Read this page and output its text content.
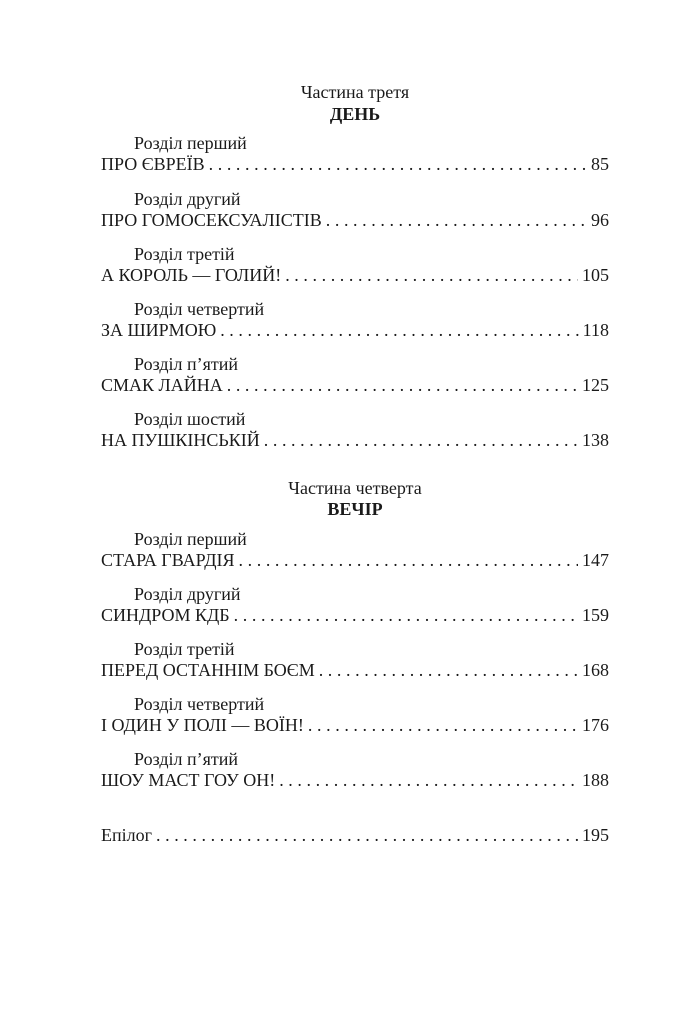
Частина третя
ДЕНЬ
Розділ перший
ПРО ЄВРЕЇВ .....	85
Розділ другий
ПРО ГОМОСЕКСУАЛІСТІВ .....	96
Розділ третій
А КОРОЛЬ — ГОЛИЙ! .....	105
Розділ четвертий
ЗА ШИРМОЮ .....	118
Розділ п’ятий
СМАК ЛАЙНА .....	125
Розділ шостий
НА ПУШКІНСЬКІЙ .....	138
Частина четверта
ВЕЧІР
Розділ перший
СТАРА ГВАРДІЯ .....	147
Розділ другий
СИНДРОМ КДБ .....	159
Розділ третій
ПЕРЕД ОСТАННІМ БОЄМ .....	168
Розділ четвертий
І ОДИН У ПОЛІ — ВОЇН! .....	176
Розділ п’ятий
ШОУ МАСТ ГОУ ОН! .....	188
Епілог .....	195
